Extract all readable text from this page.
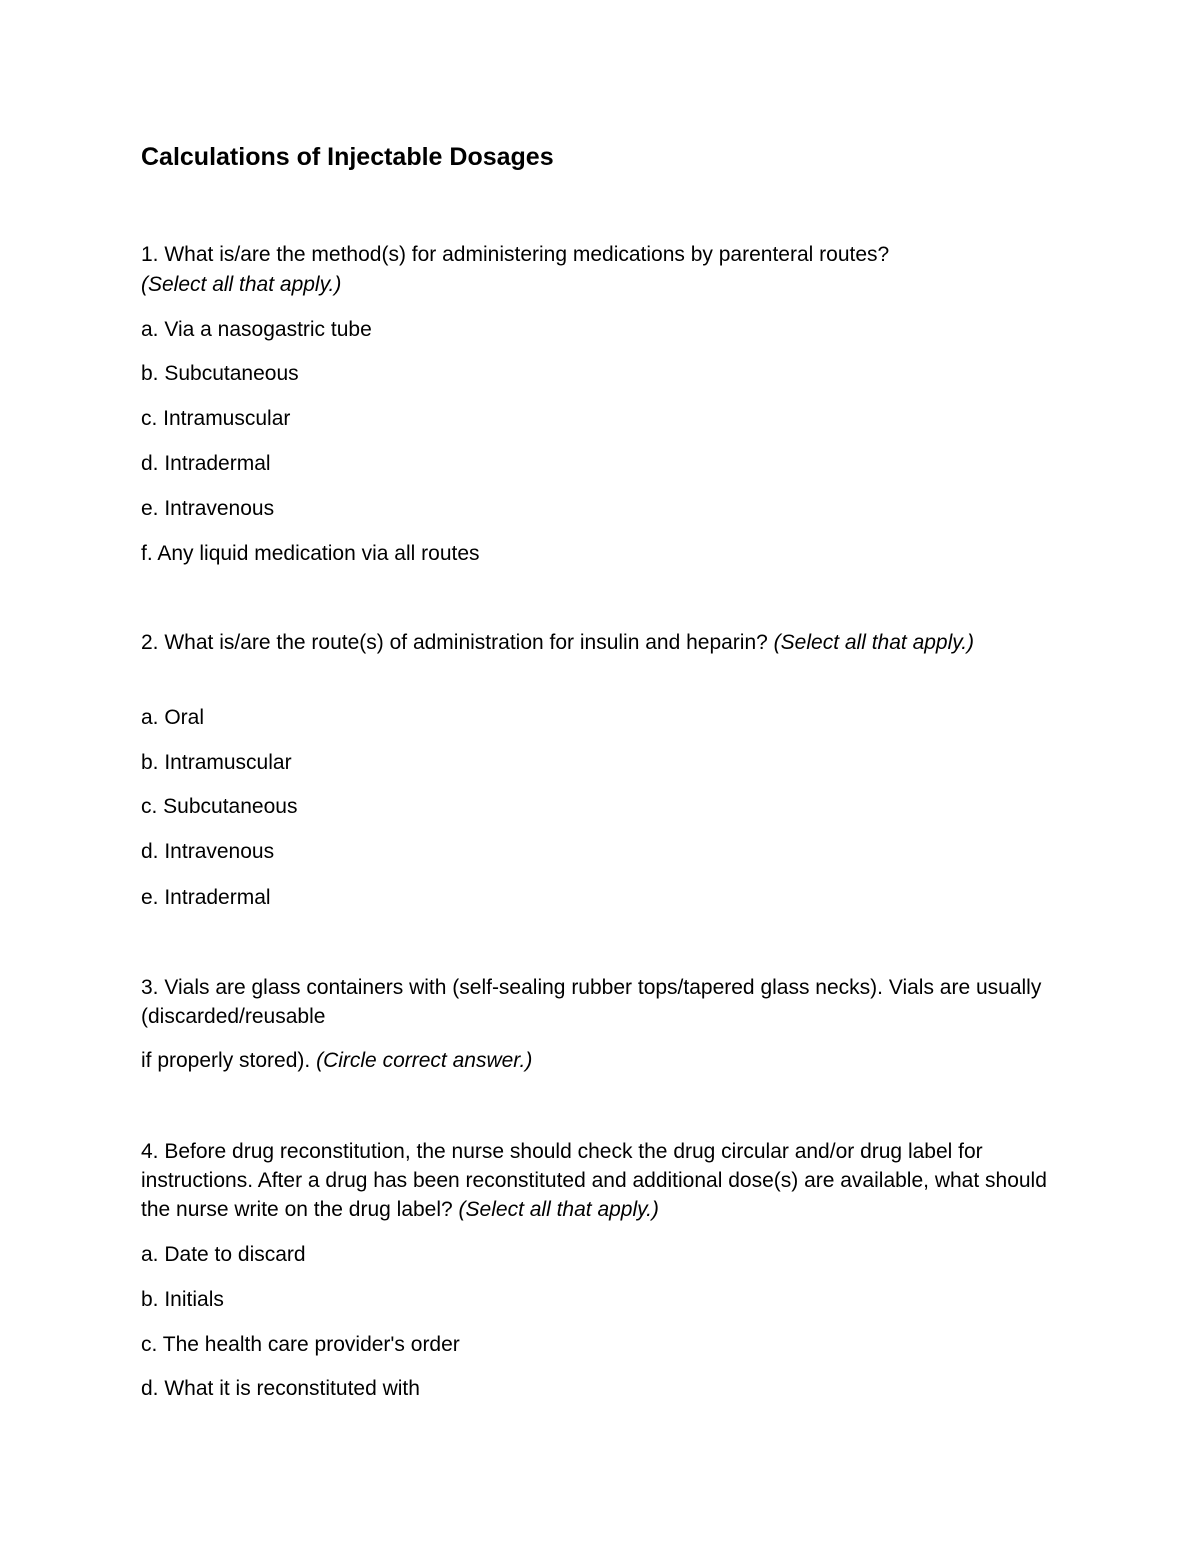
Calculations of Injectable Dosages

1. What is/are the method(s) for administering medications by parenteral routes?

(Select all that apply.)

a. Via a nasogastric tube

b. Subcutaneous

c. Intramuscular

d. Intradermal

e. Intravenous

f. Any liquid medication via all routes

2. What is/are the route(s) of administration for insulin and heparin? (Select all that apply.)

a. Oral

b. Intramuscular

c. Subcutaneous

d. Intravenous

e. Intradermal

3. Vials are glass containers with (self-sealing rubber tops/tapered glass necks). Vials are usually (discarded/reusable

if properly stored). (Circle correct answer.)

4. Before drug reconstitution, the nurse should check the drug circular and/or drug label for instructions. After a drug has been reconstituted and additional dose(s) are available, what should the nurse write on the drug label? (Select all that apply.)

a. Date to discard

b. Initials

c. The health care provider's order

d. What it is reconstituted with
